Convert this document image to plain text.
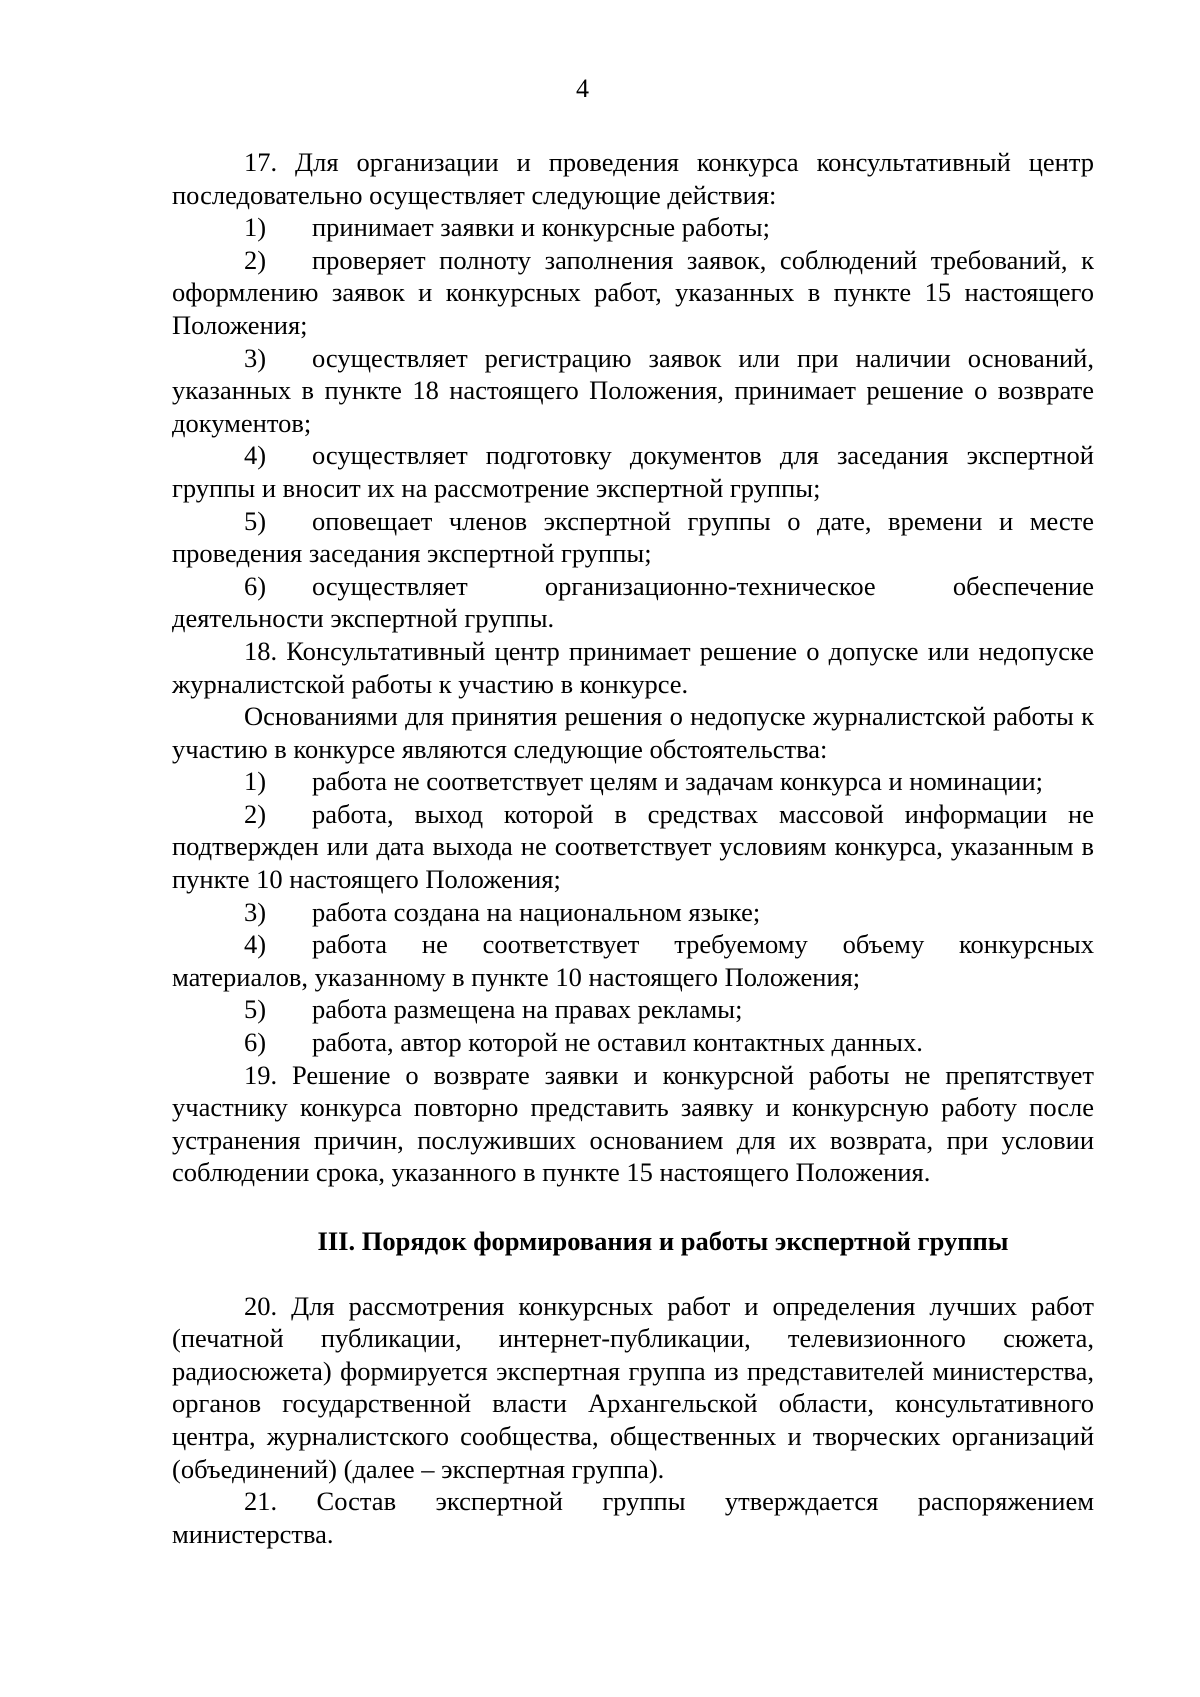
4

17. Для организации и проведения конкурса консультативный центр последовательно осуществляет следующие действия:

1) принимает заявки и конкурсные работы;

2) проверяет полноту заполнения заявок, соблюдений требований, к оформлению заявок и конкурсных работ, указанных в пункте 15 настоящего Положения;

3) осуществляет регистрацию заявок или при наличии оснований, указанных в пункте 18 настоящего Положения, принимает решение о возврате документов;

4) осуществляет подготовку документов для заседания экспертной группы и вносит их на рассмотрение экспертной группы;

5) оповещает членов экспертной группы о дате, времени и месте проведения заседания экспертной группы;

6) осуществляет организационно-техническое обеспечение деятельности экспертной группы.

18. Консультативный центр принимает решение о допуске или недопуске журналистской работы к участию в конкурсе.

Основаниями для принятия решения о недопуске журналистской работы к участию в конкурсе являются следующие обстоятельства:

1) работа не соответствует целям и задачам конкурса и номинации;

2) работа, выход которой в средствах массовой информации не подтвержден или дата выхода не соответствует условиям конкурса, указанным в пункте 10 настоящего Положения;

3) работа создана на национальном языке;

4) работа не соответствует требуемому объему конкурсных материалов, указанному в пункте 10 настоящего Положения;

5) работа размещена на правах рекламы;

6) работа, автор которой не оставил контактных данных.

19. Решение о возврате заявки и конкурсной работы не препятствует участнику конкурса повторно представить заявку и конкурсную работу после устранения причин, послуживших основанием для их возврата, при условии соблюдении срока, указанного в пункте 15 настоящего Положения.

III. Порядок формирования и работы экспертной группы

20. Для рассмотрения конкурсных работ и определения лучших работ (печатной публикации, интернет-публикации, телевизионного сюжета, радиосюжета) формируется экспертная группа из представителей министерства, органов государственной власти Архангельской области, консультативного центра, журналистского сообщества, общественных и творческих организаций (объединений) (далее – экспертная группа).

21. Состав экспертной группы утверждается распоряжением министерства.
